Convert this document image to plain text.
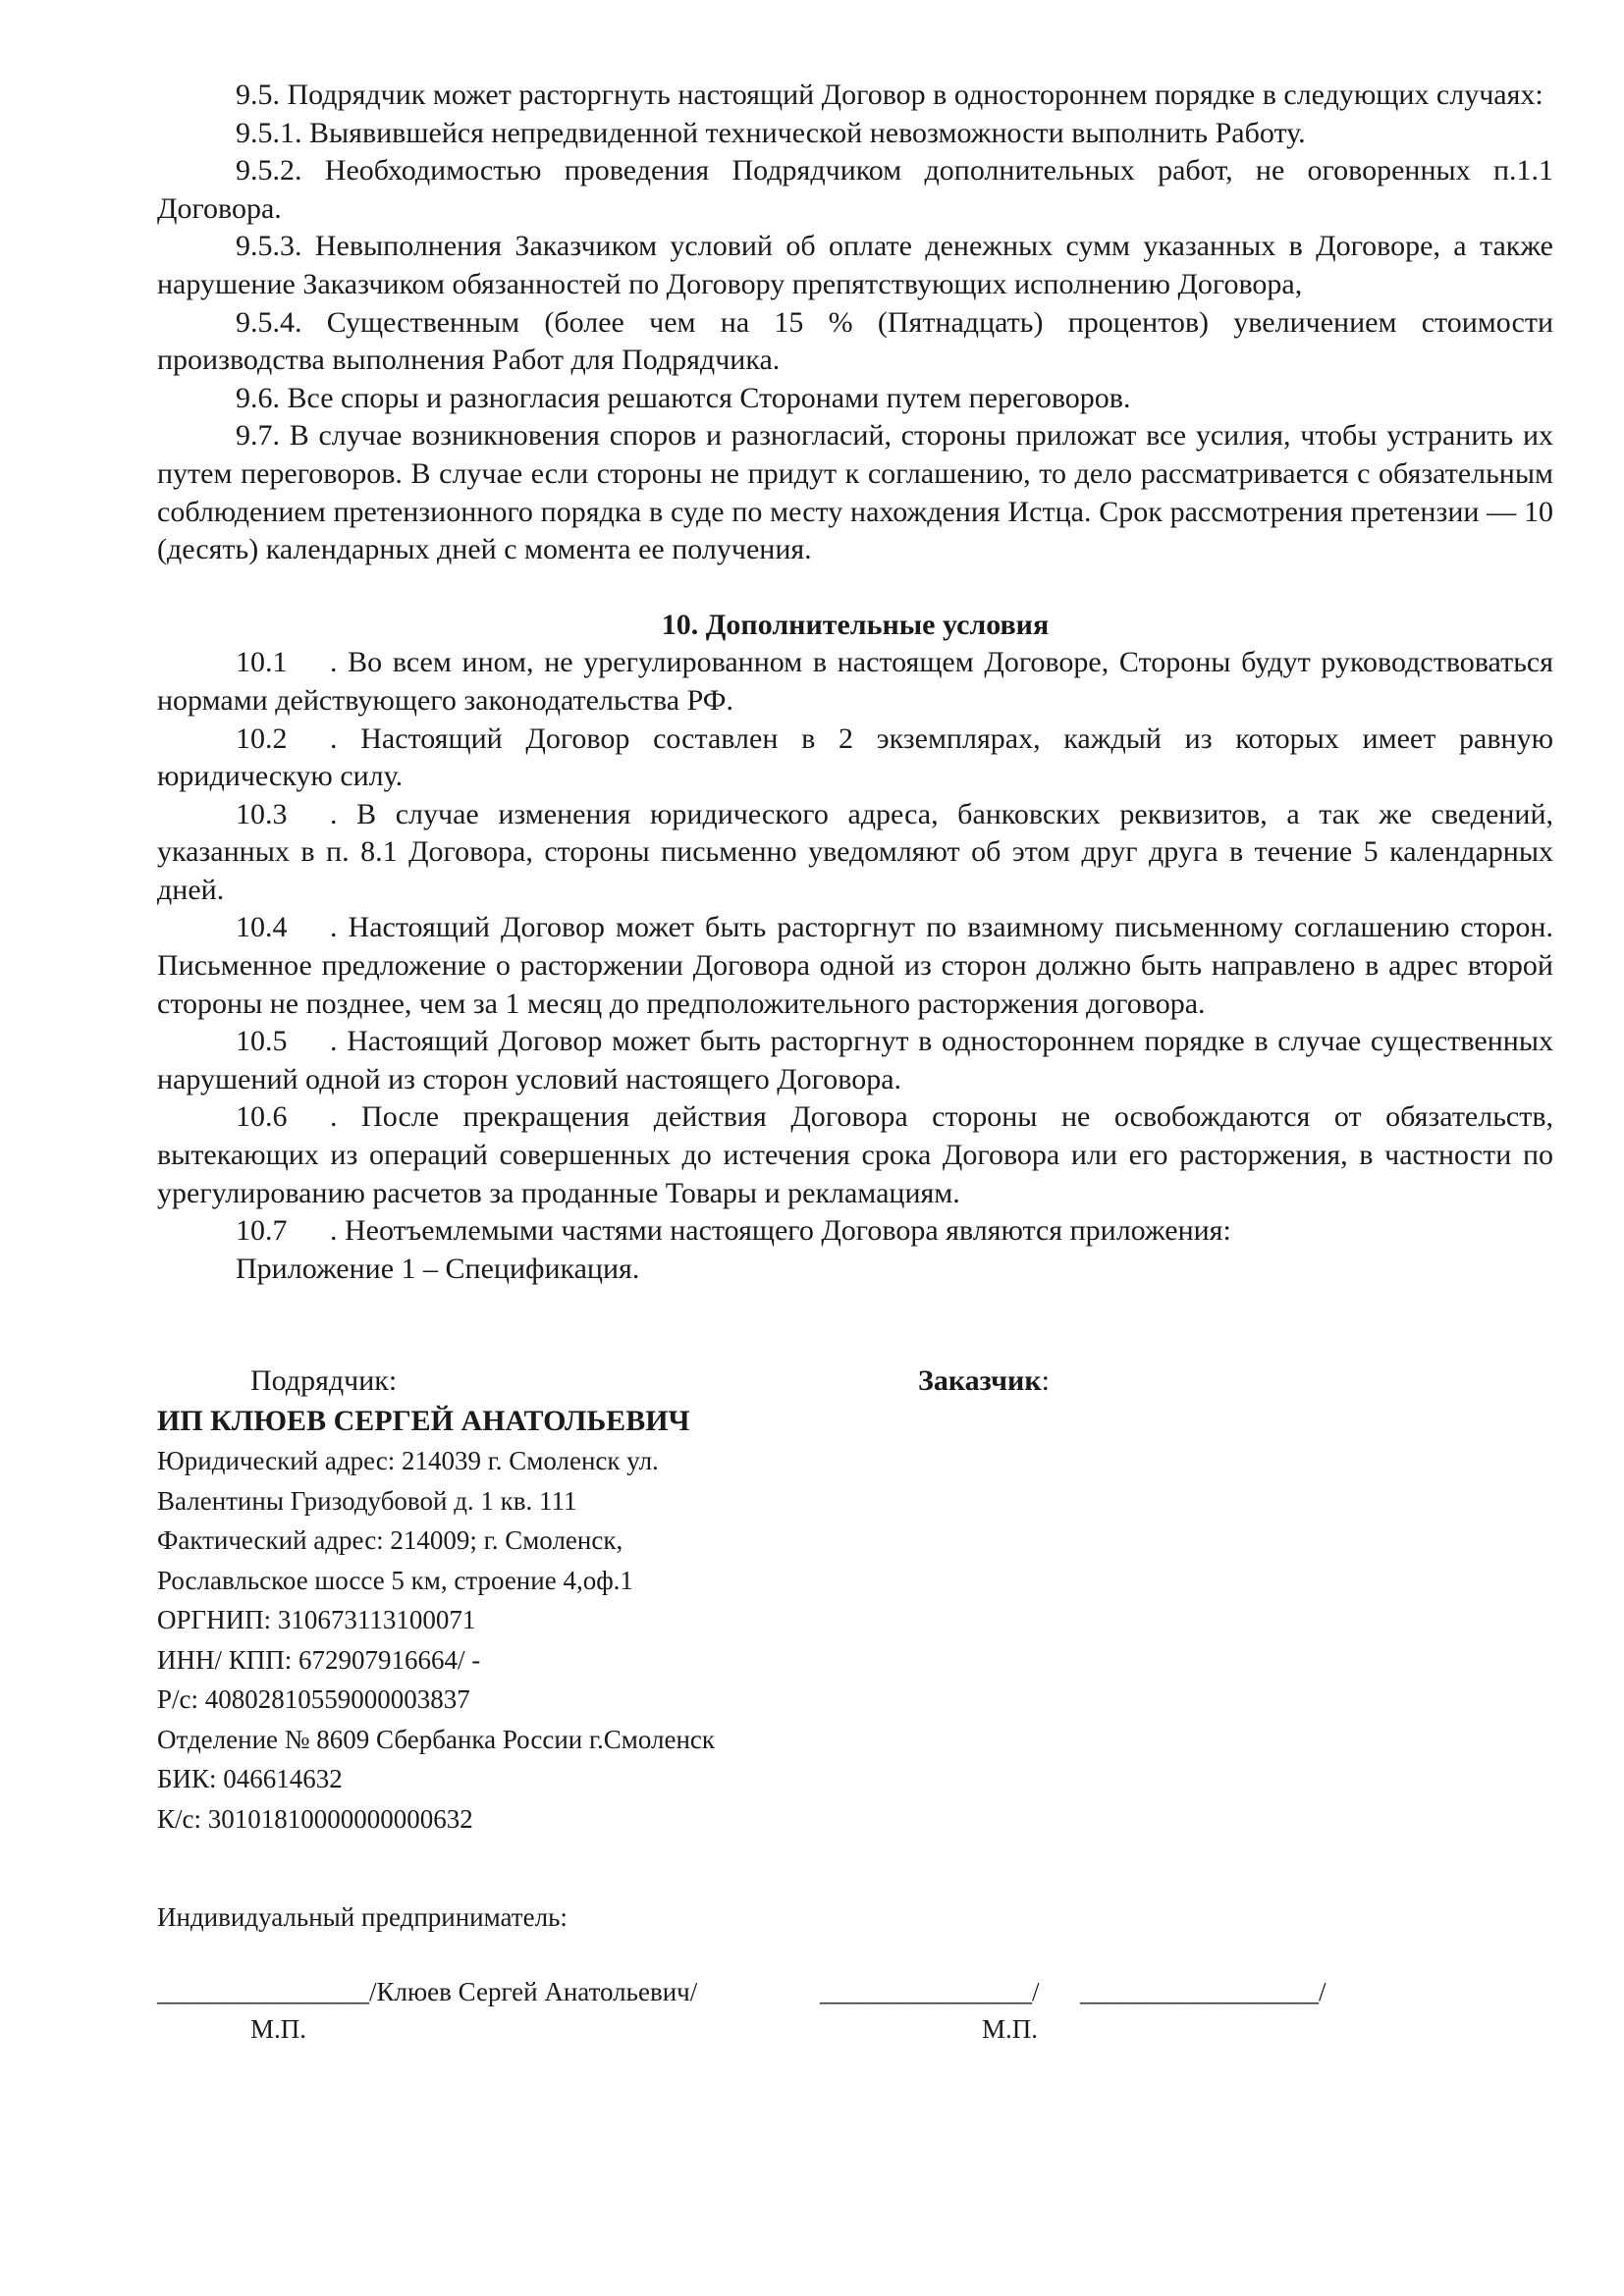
9.5. Подрядчик может расторгнуть настоящий Договор в одностороннем порядке в следующих случаях:

9.5.1. Выявившейся непредвиденной технической невозможности выполнить Работу.

9.5.2. Необходимостью проведения Подрядчиком дополнительных работ, не оговоренных п.1.1 Договора.

9.5.3. Невыполнения Заказчиком условий об оплате денежных сумм указанных в Договоре, а также нарушение Заказчиком обязанностей по Договору препятствующих исполнению Договора,

9.5.4. Существенным (более чем на 15 % (Пятнадцать) процентов) увеличением стоимости производства выполнения Работ для Подрядчика.

9.6. Все споры и разногласия решаются Сторонами путем переговоров.

9.7. В случае возникновения споров и разногласий, стороны приложат все усилия, чтобы устранить их путем переговоров. В случае если стороны не придут к соглашению, то дело рассматривается с обязательным соблюдением претензионного порядка в суде по месту нахождения Истца. Срок рассмотрения претензии — 10 (десять) календарных дней с момента ее получения.

10. Дополнительные условия

10.1 . Во всем ином, не урегулированном в настоящем Договоре, Стороны будут руководствоваться нормами действующего законодательства РФ.

10.2 . Настоящий Договор составлен в 2 экземплярах, каждый из которых имеет равную юридическую силу.

10.3 . В случае изменения юридического адреса, банковских реквизитов, а так же сведений, указанных в п. 8.1 Договора, стороны письменно уведомляют об этом друг друга в течение 5 календарных дней.

10.4 . Настоящий Договор может быть расторгнут по взаимному письменному соглашению сторон. Письменное предложение о расторжении Договора одной из сторон должно быть направлено в адрес второй стороны не позднее, чем за 1 месяц до предположительного расторжения договора.

10.5 . Настоящий Договор может быть расторгнут в одностороннем порядке в случае существенных нарушений одной из сторон условий настоящего Договора.

10.6 . После прекращения действия Договора стороны не освобождаются от обязательств, вытекающих из операций совершенных до истечения срока Договора или его расторжения, в частности по урегулированию расчетов за проданные Товары и рекламациям.

10.7 . Неотъемлемыми частями настоящего Договора являются приложения:

Приложение 1 – Спецификация.

Подрядчик:	Заказчик:

ИП КЛЮЕВ СЕРГЕЙ АНАТОЛЬЕВИЧ

Юридический адрес: 214039 г. Смоленск ул.

Валентины Гризодубовой д. 1 кв. 111

Фактический адрес: 214009; г. Смоленск,

Рославльское шоссе 5 км, строение 4,оф.1

ОРГНИП: 310673113100071

ИНН/ КПП: 672907916664/ -

Р/с: 40802810559000003837

Отделение № 8609 Сбербанка России г.Смоленск

БИК: 046614632

К/с: 30101810000000000632

Индивидуальный предприниматель:

________________/Клюев Сергей Анатольевич/	________________/ __________________/
М.П.	М.П.
